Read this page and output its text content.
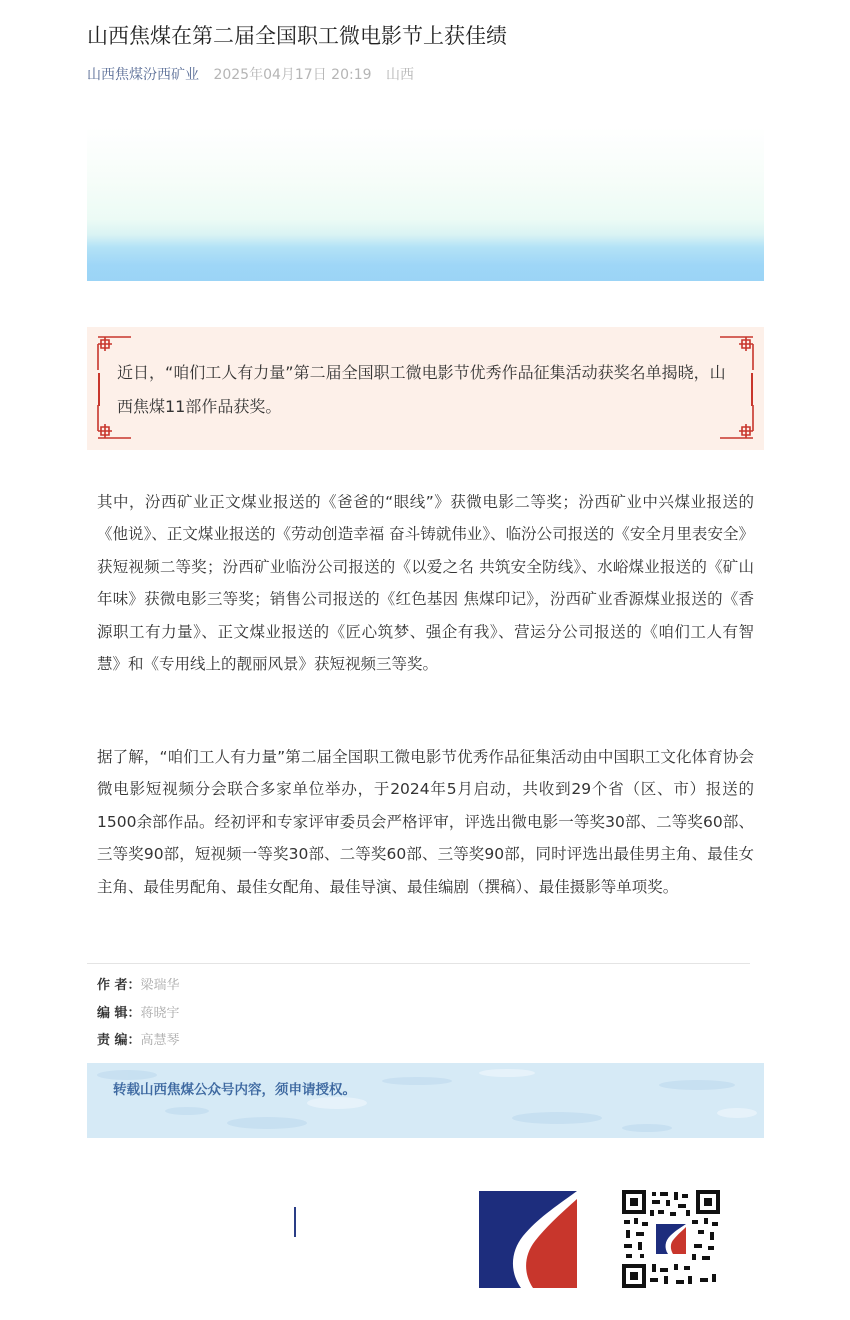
山西焦煤在第二届全国职工微电影节上获佳绩
山西焦煤汾西矿业 2025年04月17日 20:19 山西
近日，“咱们工人有力量”第二届全国职工微电影节优秀作品征集活动获奖名单揭晓，山西焦煤11部作品获奖。

其中，汾西矿业正文煤业报送的《爸爸的“眼线”》获微电影二等奖；汾西矿业中兴煤业报送的《他说》、正文煤业报送的《劳动创造幸福 奋斗铸就伟业》、临汾公司报送的《安全月里表安全》获短视频二等奖；汾西矿业临汾公司报送的《以爱之名 共筑安全防线》、水峪煤业报送的《矿山年味》获微电影三等奖；销售公司报送的《红色基因 焦煤印记》，汾西矿业香源煤业报送的《香源职工有力量》、正文煤业报送的《匠心筑梦、强企有我》、营运分公司报送的《咱们工人有智慧》和《专用线上的靓丽风景》获短视频三等奖。

据了解，“咱们工人有力量”第二届全国职工微电影节优秀作品征集活动由中国职工文化体育协会微电影短视频分会联合多家单位举办，于2024年5月启动，共收到29个省（区、市）报送的1500余部作品。经初评和专家评审委员会严格评审，评选出微电影一等奖30部、二等奖60部、三等奖90部，短视频一等奖30部、二等奖60部、三等奖90部，同时评选出最佳男主角、最佳女主角、最佳男配角、最佳女配角、最佳导演、最佳编剧（撰稿）、最佳摄影等单项奖。

作 者：梁瑞华
编 辑：蒋晓宇
责 编：高慧琴
转载山西焦煤公众号内容，须申请授权。
